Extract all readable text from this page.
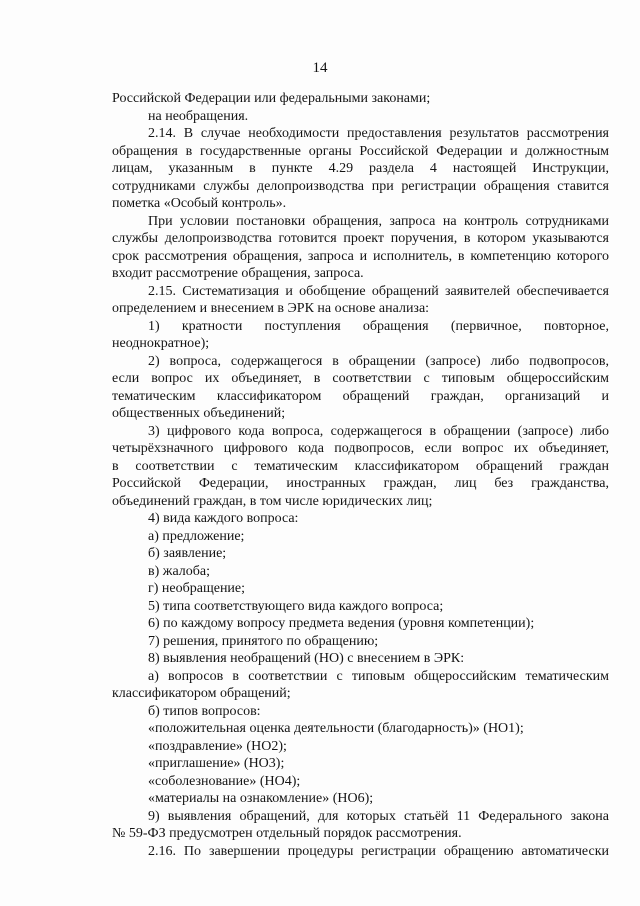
14
Российской Федерации или федеральными законами;
на необращения.
2.14. В случае необходимости предоставления результатов рассмотрения
обращения в государственные органы Российской Федерации и должностным
лицам, указанным в пункте 4.29 раздела 4 настоящей Инструкции,
сотрудниками службы делопроизводства при регистрации обращения ставится
пометка «Особый контроль».
При условии постановки обращения, запроса на контроль сотрудниками
службы делопроизводства готовится проект поручения, в котором указываются
срок рассмотрения обращения, запроса и исполнитель, в компетенцию которого
входит рассмотрение обращения, запроса.
2.15. Систематизация и обобщение обращений заявителей обеспечивается
определением и внесением в ЭРК на основе анализа:
1) кратности поступления обращения (первичное, повторное,
неоднократное);
2) вопроса, содержащегося в обращении (запросе) либо подвопросов,
если вопрос их объединяет, в соответствии с типовым общероссийским
тематическим классификатором обращений граждан, организаций и
общественных объединений;
3) цифрового кода вопроса, содержащегося в обращении (запросе) либо
четырёхзначного цифрового кода подвопросов, если вопрос их объединяет,
в соответствии с тематическим классификатором обращений граждан
Российской Федерации, иностранных граждан, лиц без гражданства,
объединений граждан, в том числе юридических лиц;
4) вида каждого вопроса:
а) предложение;
б) заявление;
в) жалоба;
г) необращение;
5) типа соответствующего вида каждого вопроса;
6) по каждому вопросу предмета ведения (уровня компетенции);
7) решения, принятого по обращению;
8) выявления необращений (НО) с внесением в ЭРК:
а) вопросов в соответствии с типовым общероссийским тематическим
классификатором обращений;
б) типов вопросов:
«положительная оценка деятельности (благодарность)» (НО1);
«поздравление» (НО2);
«приглашение» (НО3);
«соболезнование» (НО4);
«материалы на ознакомление» (НО6);
9) выявления обращений, для которых статьёй 11 Федерального закона
№ 59-ФЗ предусмотрен отдельный порядок рассмотрения.
2.16. По завершении процедуры регистрации обращению автоматически
